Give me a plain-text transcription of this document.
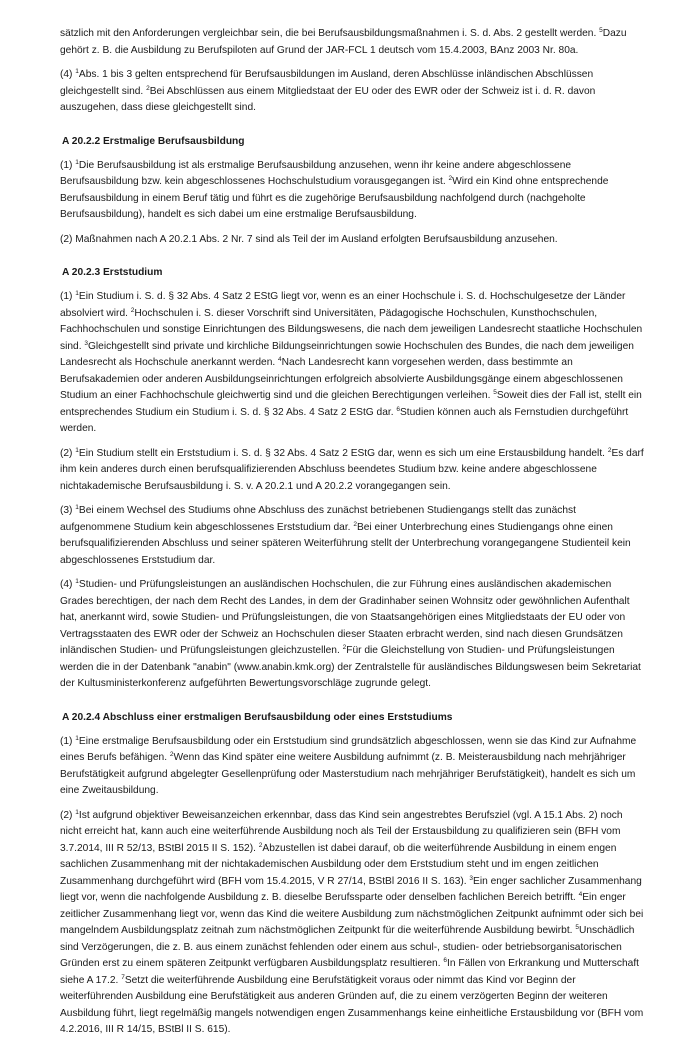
sätzlich mit den Anforderungen vergleichbar sein, die bei Berufsausbildungsmaßnahmen i. S. d. Abs. 2 gestellt werden. $^5$Dazu gehört z. B. die Ausbildung zu Berufspiloten auf Grund der JAR-FCL 1 deutsch vom 15.4.2003, BAnz 2003 Nr. 80a.

(4) $^1$Abs. 1 bis 3 gelten entsprechend für Berufsausbildungen im Ausland, deren Abschlüsse inländischen Abschlüssen gleichgestellt sind. $^2$Bei Abschlüssen aus einem Mitgliedstaat der EU oder des EWR oder der Schweiz ist i. d. R. davon auszugehen, dass diese gleichgestellt sind.

A 20.2.2 Erstmalige Berufsausbildung

(1) $^1$Die Berufsausbildung ist als erstmalige Berufsausbildung anzusehen, wenn ihr keine andere abgeschlossene Berufsausbildung bzw. kein abgeschlossenes Hochschulstudium vorausgegangen ist. $^2$Wird ein Kind ohne entsprechende Berufsausbildung in einem Beruf tätig und führt es die zugehörige Berufsausbildung nachfolgend durch (nachgeholte Berufsausbildung), handelt es sich dabei um eine erstmalige Berufsausbildung.

(2) Maßnahmen nach A 20.2.1 Abs. 2 Nr. 7 sind als Teil der im Ausland erfolgten Berufsausbildung anzusehen.

A 20.2.3 Erststudium

(1) $^1$Ein Studium i. S. d. § 32 Abs. 4 Satz 2 EStG liegt vor, wenn es an einer Hochschule i. S. d. Hochschulgesetze der Länder absolviert wird. $^2$Hochschulen i. S. dieser Vorschrift sind Universitäten, Pädagogische Hochschulen, Kunsthochschulen, Fachhochschulen und sonstige Einrichtungen des Bildungswesens, die nach dem jeweiligen Landesrecht staatliche Hochschulen sind. $^3$Gleichgestellt sind private und kirchliche Bildungseinrichtungen sowie Hochschulen des Bundes, die nach dem jeweiligen Landesrecht als Hochschule anerkannt werden. $^4$Nach Landesrecht kann vorgesehen werden, dass bestimmte an Berufsakademien oder anderen Ausbildungseinrichtungen erfolgreich absolvierte Ausbildungsgänge einem abgeschlossenen Studium an einer Fachhochschule gleichwertig sind und die gleichen Berechtigungen verleihen. $^5$Soweit dies der Fall ist, stellt ein entsprechendes Studium ein Studium i. S. d. § 32 Abs. 4 Satz 2 EStG dar. $^6$Studien können auch als Fernstudien durchgeführt werden.

(2) $^1$Ein Studium stellt ein Erststudium i. S. d. § 32 Abs. 4 Satz 2 EStG dar, wenn es sich um eine Erstausbildung handelt. $^2$Es darf ihm kein anderes durch einen berufsqualifizierenden Abschluss beendetes Studium bzw. keine andere abgeschlossene nichtakademische Berufsausbildung i. S. v. A 20.2.1 und A 20.2.2 vorangegangen sein.

(3) $^1$Bei einem Wechsel des Studiums ohne Abschluss des zunächst betriebenen Studiengangs stellt das zunächst aufgenommene Studium kein abgeschlossenes Erststudium dar. $^2$Bei einer Unterbrechung eines Studiengangs ohne einen berufsqualifizierenden Abschluss und seiner späteren Weiterführung stellt der Unterbrechung vorangegangene Studienteil kein abgeschlossenes Erststudium dar.

(4) $^1$Studien- und Prüfungsleistungen an ausländischen Hochschulen, die zur Führung eines ausländischen akademischen Grades berechtigen, der nach dem Recht des Landes, in dem der Gradinhaber seinen Wohnsitz oder gewöhnlichen Aufenthalt hat, anerkannt wird, sowie Studien- und Prüfungsleistungen, die von Staatsangehörigen eines Mitgliedstaats der EU oder von Vertragsstaaten des EWR oder der Schweiz an Hochschulen dieser Staaten erbracht werden, sind nach diesen Grundsätzen inländischen Studien- und Prüfungsleistungen gleichzustellen. $^2$Für die Gleichstellung von Studien- und Prüfungsleistungen werden die in der Datenbank "anabin" (www.anabin.kmk.org) der Zentralstelle für ausländisches Bildungswesen beim Sekretariat der Kultusministerkonferenz aufgeführten Bewertungsvorschläge zugrunde gelegt.

A 20.2.4 Abschluss einer erstmaligen Berufsausbildung oder eines Erststudiums

(1) $^1$Eine erstmalige Berufsausbildung oder ein Erststudium sind grundsätzlich abgeschlossen, wenn sie das Kind zur Aufnahme eines Berufs befähigen. $^2$Wenn das Kind später eine weitere Ausbildung aufnimmt (z. B. Meisterausbildung nach mehrjähriger Berufstätigkeit aufgrund abgelegter Gesellenprüfung oder Masterstudium nach mehrjähriger Berufstätigkeit), handelt es sich um eine Zweitausbildung.

(2) $^1$Ist aufgrund objektiver Beweisanzeichen erkennbar, dass das Kind sein angestrebtes Berufsziel (vgl. A 15.1 Abs. 2) noch nicht erreicht hat, kann auch eine weiterführende Ausbildung noch als Teil der Erstausbildung zu qualifizieren sein (BFH vom 3.7.2014, III R 52/13, BStBl 2015 II S. 152). $^2$Abzustellen ist dabei darauf, ob die weiterführende Ausbildung in einem engen sachlichen Zusammenhang mit der nichtakademischen Ausbildung oder dem Erststudium steht und im engen zeitlichen Zusammenhang durchgeführt wird (BFH vom 15.4.2015, V R 27/14, BStBl 2016 II S. 163). $^3$Ein enger sachlicher Zusammenhang liegt vor, wenn die nachfolgende Ausbildung z. B. dieselbe Berufssparte oder denselben fachlichen Bereich betrifft. $^4$Ein enger zeitlicher Zusammenhang liegt vor, wenn das Kind die weitere Ausbildung zum nächstmöglichen Zeitpunkt aufnimmt oder sich bei mangelndem Ausbildungsplatz zeitnah zum nächstmöglichen Zeitpunkt für die weiterführende Ausbildung bewirbt. $^5$Unschädlich sind Verzögerungen, die z. B. aus einem zunächst fehlenden oder einem aus schul-, studien- oder betriebsorganisatorischen Gründen erst zu einem späteren Zeitpunkt verfügbaren Ausbildungsplatz resultieren. $^6$In Fällen von Erkrankung und Mutterschaft siehe A 17.2. $^7$Setzt die weiterführende Ausbildung eine Berufstätigkeit voraus oder nimmt das Kind vor Beginn der weiterführenden Ausbildung eine Berufstätigkeit aus anderen Gründen auf, die zu einem verzögerten Beginn der weiteren Ausbildung führt, liegt regelmäßig mangels notwendigen engen Zusammenhangs keine einheitliche Erstausbildung vor (BFH vom 4.2.2016, III R 14/15, BStBl II S. 615).
